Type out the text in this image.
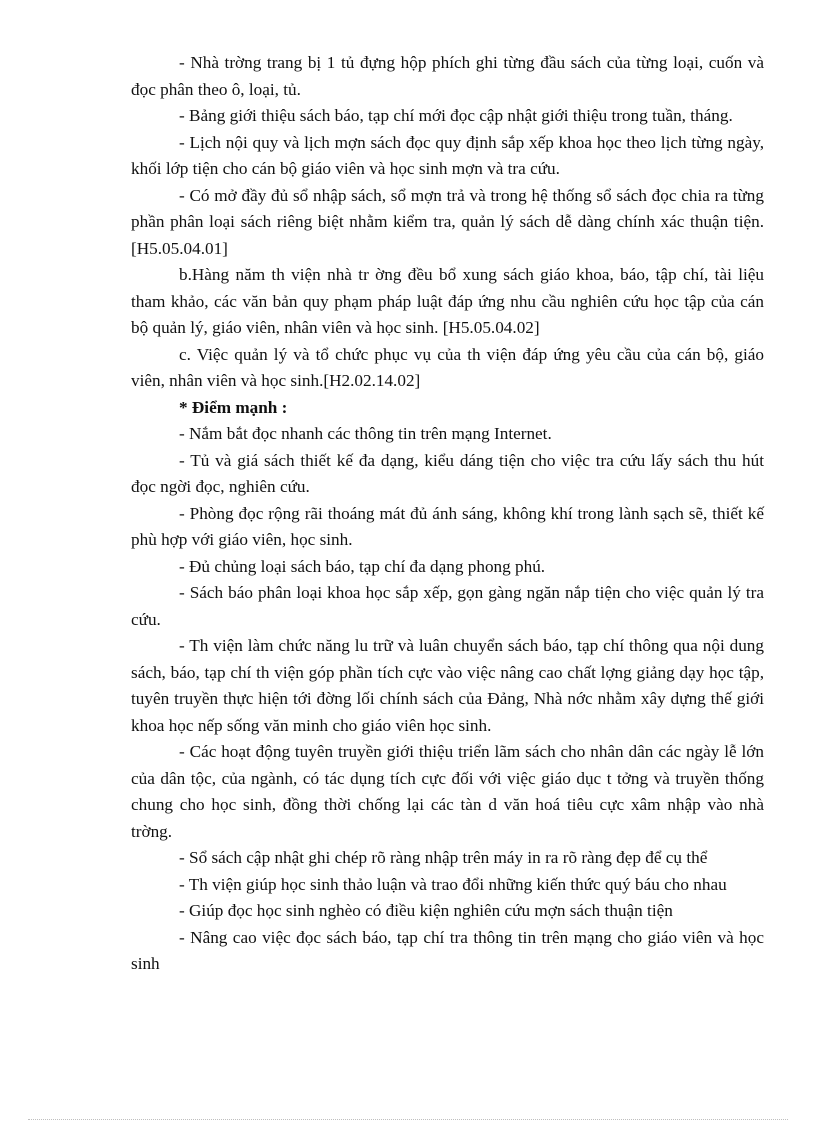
- Nhà trờng trang bị 1 tủ đựng hộp phích ghi từng đầu sách của từng loại, cuốn và đọc phân theo ô, loại, tủ.

- Bảng giới thiệu sách báo, tạp chí mới đọc cập nhật giới thiệu trong tuần, tháng.

- Lịch nội quy và lịch mợn sách đọc quy định sắp xếp khoa học theo lịch từng ngày, khối lớp tiện cho cán bộ giáo viên và học sinh mợn và tra cứu.

- Có mở đầy đủ sổ nhập sách, sổ mợn trả và trong hệ thống sổ sách đọc chia ra từng phần phân loại sách riêng biệt nhằm kiểm tra, quản lý sách dễ dàng chính xác thuận tiện. [H5.05.04.01]

b.Hàng năm th viện nhà tr ờng đều bổ xung sách giáo khoa, báo, tập chí, tài liệu tham khảo, các văn bản quy phạm pháp luật đáp ứng nhu cầu nghiên cứu học tập của cán bộ quản lý, giáo viên, nhân viên và học sinh. [H5.05.04.02]

c. Việc quản lý và tổ chức phục vụ của th viện đáp ứng yêu cầu của cán bộ, giáo viên, nhân viên và học sinh.[H2.02.14.02]

* Điểm mạnh :

- Nắm bắt đọc nhanh các thông tin trên mạng Internet.

- Tủ và giá sách thiết kế đa dạng, kiểu dáng tiện cho việc tra cứu lấy sách thu hút đọc ngời đọc, nghiên cứu.

- Phòng đọc rộng rãi thoáng mát đủ ánh sáng, không khí trong lành sạch sẽ, thiết kế phù hợp với giáo viên, học sinh.

- Đủ chủng loại sách báo, tạp chí đa dạng phong phú.

- Sách báo phân loại khoa học sắp xếp, gọn gàng ngăn nắp tiện cho việc quản lý tra cứu.

- Th viện làm chức năng lu trữ và luân chuyển sách báo, tạp chí thông qua nội dung sách, báo, tạp chí th viện góp phần tích cực vào việc nâng cao chất lợng giảng dạy học tập, tuyên truyền thực hiện tới đờng lối chính sách của Đảng, Nhà nớc nhằm xây dựng thế giới khoa học nếp sống văn minh cho giáo viên học sinh.

- Các hoạt động tuyên truyền giới thiệu triển lãm sách cho nhân dân các ngày lễ lớn của dân tộc, của ngành, có tác dụng tích cực đối với việc giáo dục t tởng và truyền thống chung cho học sinh, đồng thời chống lại các tàn d văn hoá tiêu cực xâm nhập vào nhà trờng.

- Sổ sách cập nhật ghi chép rõ ràng nhập trên máy in ra rõ ràng đẹp để cụ thể

- Th viện giúp học sinh thảo luận và trao đổi những kiến thức quý báu cho nhau

- Giúp đọc học sinh nghèo có điều kiện nghiên cứu mợn sách thuận tiện

- Nâng cao việc đọc sách báo, tạp chí tra thông tin trên mạng cho giáo viên và học sinh
